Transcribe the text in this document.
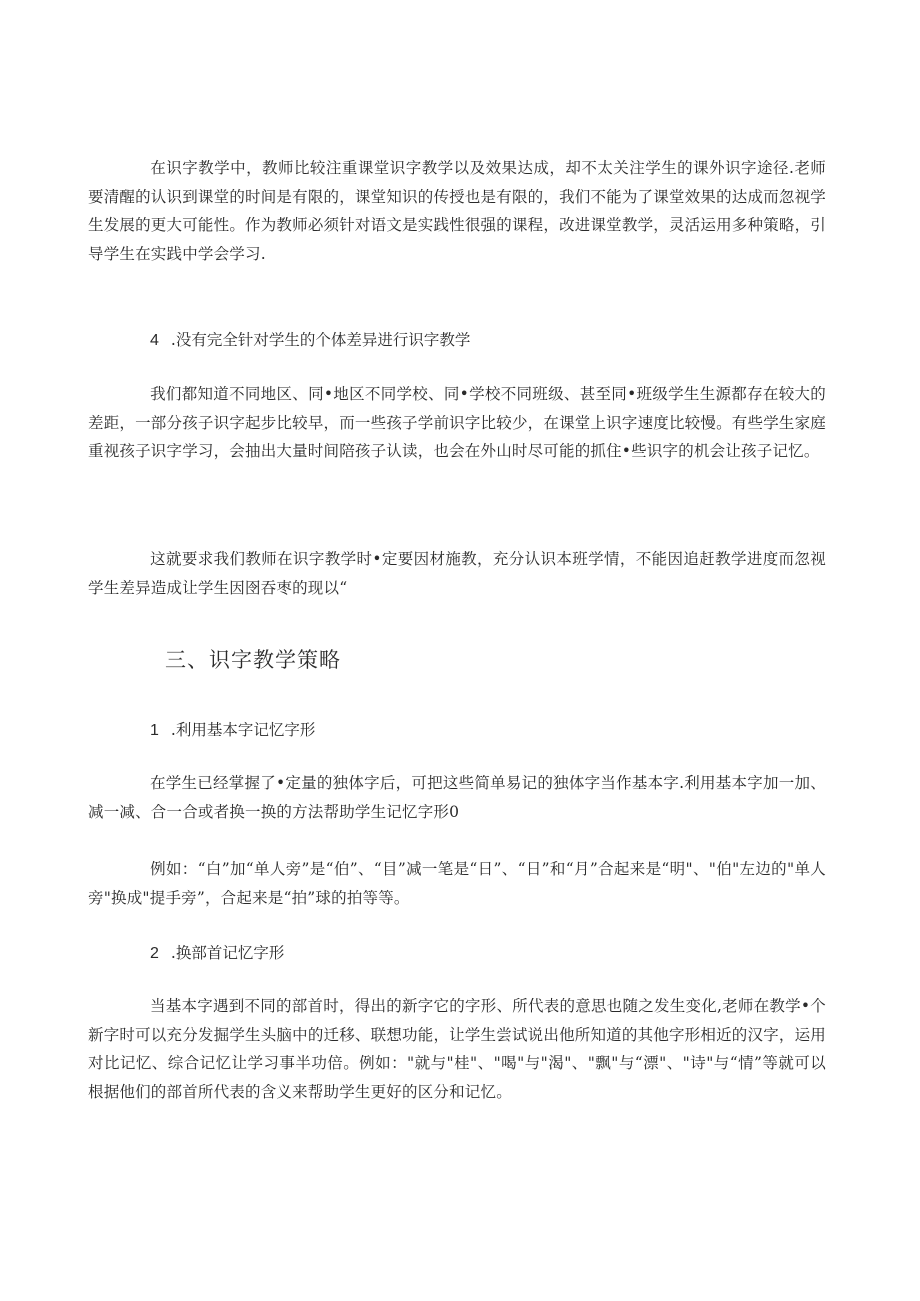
在识字教学中，教师比较注重课堂识字教学以及效果达成，却不太关注学生的课外识字途径.老师要清醒的认识到课堂的时间是有限的，课堂知识的传授也是有限的，我们不能为了课堂效果的达成而忽视学生发展的更大可能性。作为教师必须针对语文是实践性很强的课程，改进课堂教学，灵活运用多种策略，引导学生在实践中学会学习.

4 .没有完全针对学生的个体差异进行识字教学

我们都知道不同地区、同•地区不同学校、同•学校不同班级、甚至同•班级学生生源都存在较大的差距，一部分孩子识字起步比较早，而一些孩子学前识字比较少，在课堂上识字速度比较慢。有些学生家庭重视孩子识字学习，会抽出大量时间陪孩子认读，也会在外山时尽可能的抓住•些识字的机会让孩子记忆。

这就要求我们教师在识字教学时•定要因材施教，充分认识本班学情，不能因追赶教学进度而忽视学生差异造成让学生因囹吞枣的现以“

三、识字教学策略
1 .利用基本字记忆字形

在学生已经掌握了•定量的独体字后，可把这些简单易记的独体字当作基本字.利用基本字加一加、减一减、合一合或者换一换的方法帮助学生记忆字形0

例如：“白”加“单人旁”是“伯”、“目”减一笔是“日”、“日”和“月”合起来是“明"、"伯"左边的"单人旁"换成"提手旁”，合起来是“拍”球的拍等等。

2 .换部首记忆字形

当基本字遇到不同的部首时，得出的新字它的字形、所代表的意思也随之发生变化,老师在教学•个新字时可以充分发掘学生头脑中的迁移、联想功能，让学生尝试说出他所知道的其他字形相近的汉字，运用对比记忆、综合记忆让学习事半功倍。例如："就与"桂"、"喝"与"渴"、"飘"与“漂"、"诗"与“情”等就可以根据他们的部首所代表的含义来帮助学生更好的区分和记忆。
